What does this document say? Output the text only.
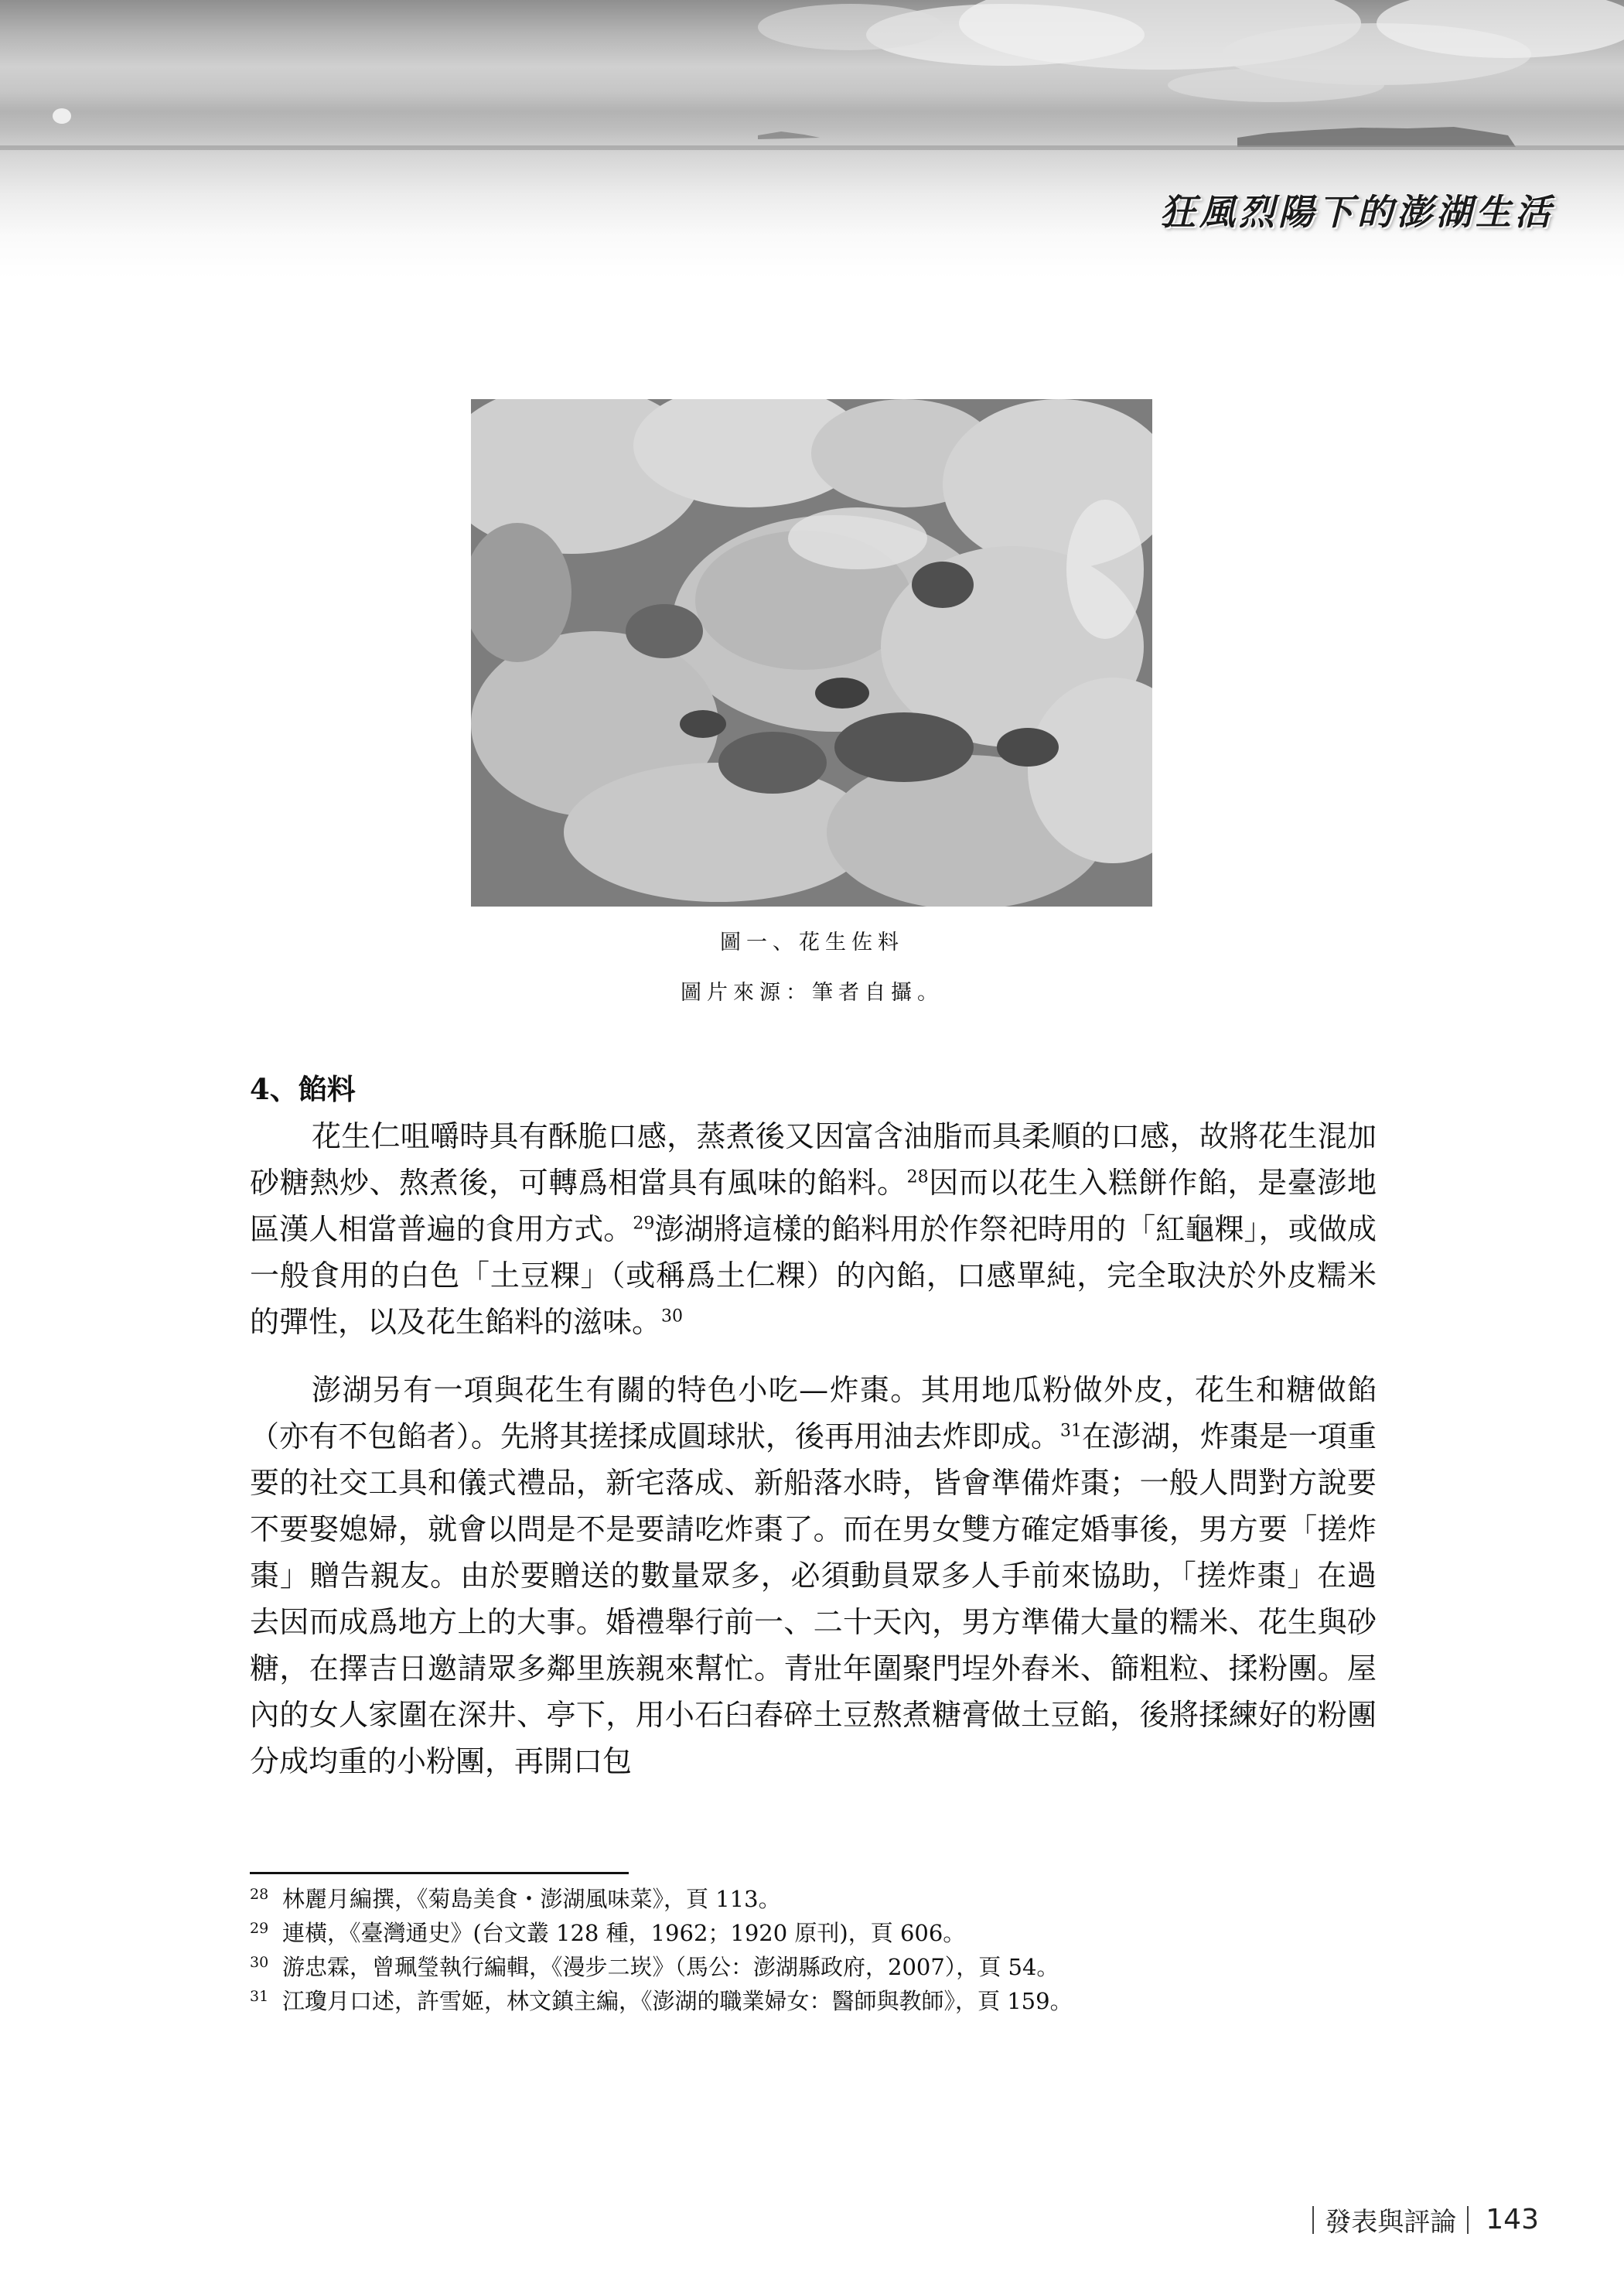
狂風烈陽下的澎湖生活
圖一、花生佐料
圖片來源：筆者自攝。
4、餡料

花生仁咀嚼時具有酥脆口感，蒸煮後又因富含油脂而具柔順的口感，故將花生混加砂糖熱炒、熬煮後，可轉爲相當具有風味的餡料。$^{28}$因而以花生入糕餅作餡，是臺澎地區漢人相當普遍的食用方式。$^{29}$澎湖將這樣的餡料用於作祭祀時用的「紅龜粿」，或做成一般食用的白色「土豆粿」（或稱爲土仁粿）的內餡，口感單純，完全取決於外皮糯米的彈性，以及花生餡料的滋味。$^{30}$

澎湖另有一項與花生有關的特色小吃—炸棗。其用地瓜粉做外皮，花生和糖做餡（亦有不包餡者）。先將其搓揉成圓球狀，後再用油去炸即成。$^{31}$在澎湖，炸棗是一項重要的社交工具和儀式禮品，新宅落成、新船落水時，皆會準備炸棗；一般人問對方說要不要娶媳婦，就會以問是不是要請吃炸棗了。而在男女雙方確定婚事後，男方要「搓炸棗」贈告親友。由於要贈送的數量眾多，必須動員眾多人手前來協助，「搓炸棗」在過去因而成爲地方上的大事。婚禮舉行前一、二十天內，男方準備大量的糯米、花生與砂糖，在擇吉日邀請眾多鄰里族親來幫忙。青壯年圍聚門埕外舂米、篩粗粒、揉粉團。屋內的女人家圍在深井、亭下，用小石臼舂碎土豆熬煮糖膏做土豆餡，後將揉練好的粉團分成均重的小粉團，再開口包

28 林麗月編撰，《菊島美食・澎湖風味菜》，頁 113。
29 連橫，《臺灣通史》(台文叢 128 種，1962；1920 原刊)，頁 606。
30 游忠霖，曾珮瑩執行編輯，《漫步二崁》（馬公：澎湖縣政府，2007），頁 54。
31 江瓊月口述，許雪姬，林文鎮主編，《澎湖的職業婦女：醫師與教師》，頁 159。
發表與評論 143
